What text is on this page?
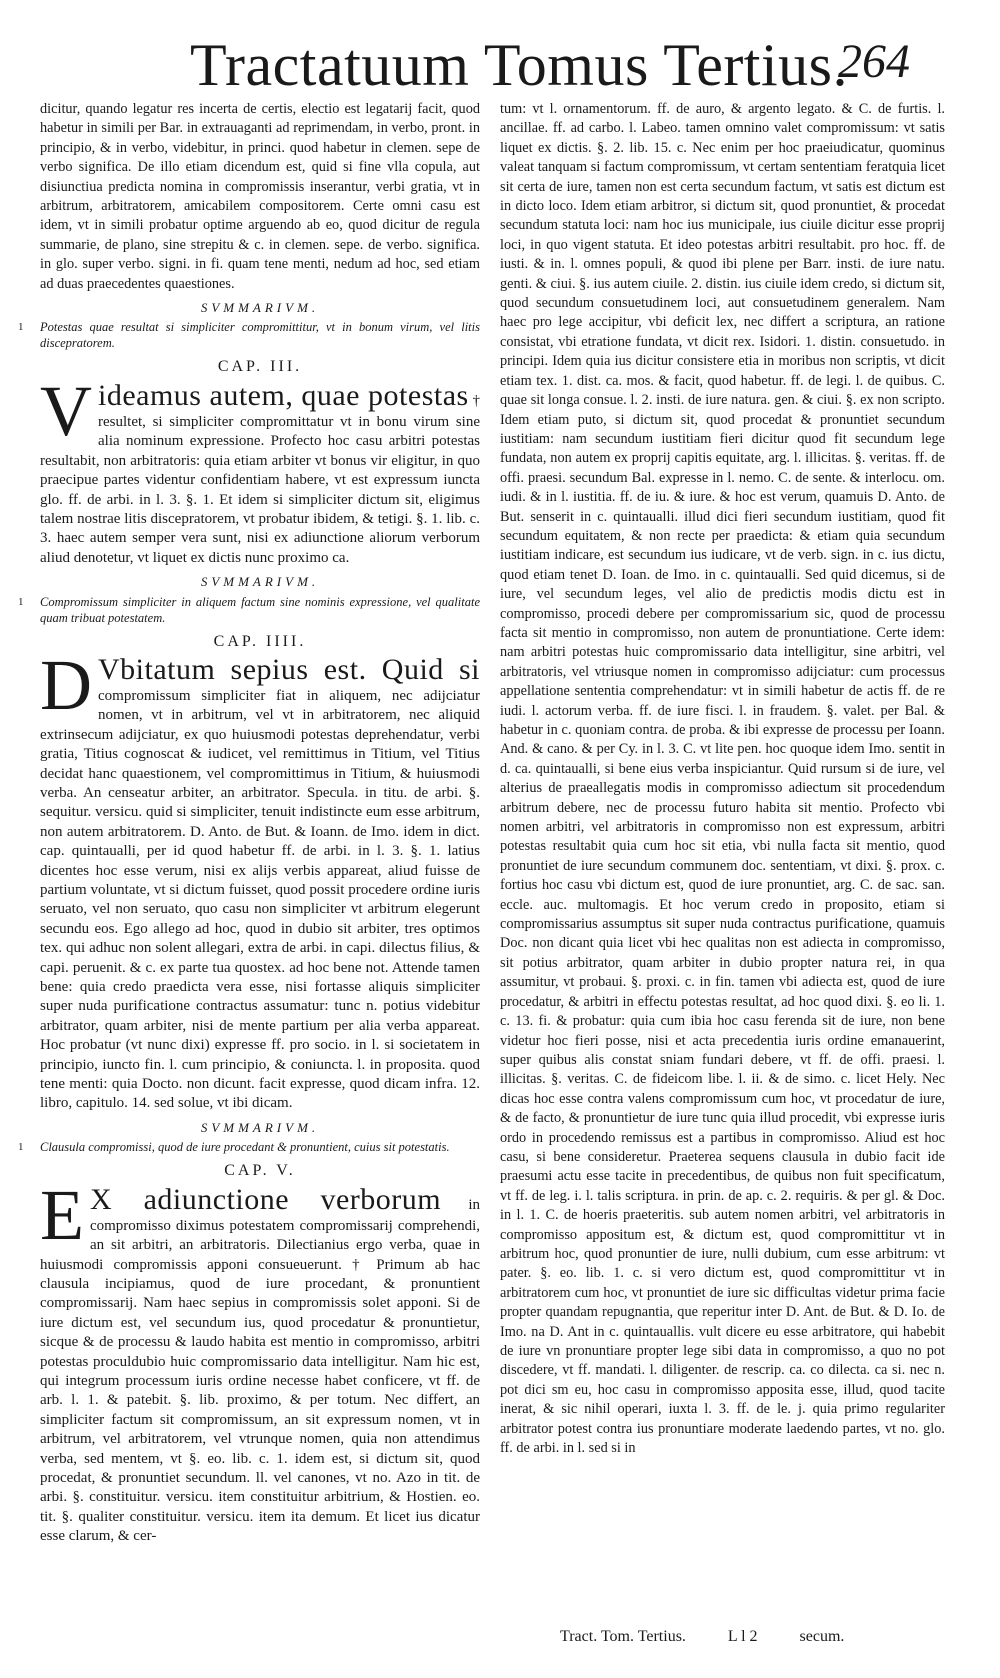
Tractatuum Tomus Tertius.
264

dicitur, quando legatur res incerta de certis, electio est legatarij facit, quod habetur in simili per Bar. in extrauaganti ad reprimendam, in verbo, pront. in principio, & in verbo, videbitur, in princi. quod habetur in clemen. sepe de verbo significa. De illo etiam dicendum est, quid si fine vlla copula, aut disiunctiua predicta nomina in compromissis inserantur, verbi gratia, vt in arbitrum, arbitratorem, amicabilem compositorem. Certe omni casu est idem, vt in simili probatur optime arguendo ab eo, quod dicitur de regula summarie, de plano, sine strepitu & c. in clemen. sepe. de verbo. significa. in glo. super verbo. signi. in fi. quam tene menti, nedum ad hoc, sed etiam ad duas praecedentes quaestiones.

SVMMARIVM.

1 Potestas quae resultat si simpliciter compromittitur, vt in bonum virum, vel litis discepratorem.

CAP. III.

V ideamus autem, quae potestas † resultet, si simpliciter compromittatur vt in bonu virum sine alia nominum expressione. Profecto hoc casu arbitri potestas resultabit, non arbitratoris: quia etiam arbiter vt bonus vir eligitur, in quo praecipue partes videntur confidentiam habere, vt est expressum iuncta glo. ff. de arbi. in l. 3. §. 1. Et idem si simpliciter dictum sit, eligimus talem nostrae litis discepratorem, vt probatur ibidem, & tetigi. §. 1. lib. c. 3. haec autem semper vera sunt, nisi ex adiunctione aliorum verborum aliud denotetur, vt liquet ex dictis nunc proximo ca.

SVMMARIVM.

1 Compromissum simpliciter in aliquem factum sine nominis expressione, vel qualitate quam tribuat potestatem.

CAP. IIII.

D Vbitatum sepius est. Quid si compromissum simpliciter fiat in aliquem, nec adijciatur nomen, vt in arbitrum, vel vt in arbitratorem, nec aliquid extrinsecum adijciatur, ex quo huiusmodi potestas deprehendatur, verbi gratia, Titius cognoscat & iudicet, vel remittimus in Titium, vel Titius decidat hanc quaestionem, vel compromittimus in Titium, & huiusmodi verba. An censeatur arbiter, an arbitrator. Specula. in titu. de arbi. §. sequitur. versicu. quid si simpliciter, tenuit indistincte eum esse arbitrum, non autem arbitratorem. D. Anto. de But. & Ioann. de Imo. idem in dict. cap. quintaualli, per id quod habetur ff. de arbi. in l. 3. §. 1. latius dicentes hoc esse verum, nisi ex alijs verbis appareat, aliud fuisse de partium voluntate, vt si dictum fuisset, quod possit procedere ordine iuris seruato, vel non seruato, quo casu non simpliciter vt arbitrum elegerunt secundu eos. Ego allego ad hoc, quod in dubio sit arbiter, tres optimos tex. qui adhuc non solent allegari, extra de arbi. in capi. dilectus filius, & capi. peruenit. & c. ex parte tua quostex. ad hoc bene not. Attende tamen bene: quia credo praedicta vera esse, nisi fortasse aliquis simpliciter super nuda purificatione contractus assumatur: tunc n. potius videbitur arbitrator, quam arbiter, nisi de mente partium per alia verba appareat. Hoc probatur (vt nunc dixi) expresse ff. pro socio. in l. si societatem in principio, iuncto fin. l. cum principio, & coniuncta. l. in proposita. quod tene menti: quia Docto. non dicunt. facit expresse, quod dicam infra. 12. libro, capitulo. 14. sed solue, vt ibi dicam.

SVMMARIVM.

1 Clausula compromissi, quod de iure procedant & pronuntient, cuius sit potestatis.

CAP. V.

E X adiunctione verborum in compromisso diximus potestatem compromissarij comprehendi, an sit arbitri, an arbitratoris. Dilectianius ergo verba, quae in huiusmodi compromissis apponi consueuerunt. † Primum ab hac clausula incipiamus, quod de iure procedant, & pronuntient compromissarij. Nam haec sepius in compromissis solet apponi. Si de iure dictum est, vel secundum ius, quod procedatur & pronuntietur, sicque & de processu & laudo habita est mentio in compromisso, arbitri potestas proculdubio huic compromissario data intelligitur. Nam hic est, qui integrum processum iuris ordine necesse habet conficere, vt ff. de arb. l. 1. & patebit. §. lib. proximo, & per totum. Nec differt, an simpliciter factum sit compromissum, an sit expressum nomen, vt in arbitrum, vel arbitratorem, vel vtrunque nomen, quia non attendimus verba, sed mentem, vt §. eo. lib. c. 1. idem est, si dictum sit, quod procedat, & pronuntiet secundum. ll. vel canones, vt no. Azo in tit. de arbi. §. constituitur. versicu. item constituitur arbitrium, & Hostien. eo. tit. §. qualiter constituitur. versicu. item ita demum. Et licet ius dicatur esse clarum, & cer-

tum: vt l. ornamentorum. ff. de auro, & argento legato. & C. de furtis. l. ancillae. ff. ad carbo. l. Labeo. tamen omnino valet compromissum: vt satis liquet ex dictis. §. 2. lib. 15. c. Nec enim per hoc praeiudicatur, quominus valeat tanquam si factum compromissum, vt certam sententiam feratquia licet sit certa de iure, tamen non est certa secundum factum, vt satis est dictum est in dicto loco. Idem etiam arbitror, si dictum sit, quod pronuntiet, & procedat secundum statuta loci: nam hoc ius municipale, ius ciuile dicitur esse proprij loci, in quo vigent statuta. Et ideo potestas arbitri resultabit. pro hoc. ff. de iusti. & in. l. omnes populi, & quod ibi plene per Barr. insti. de iure natu. genti. & ciui. §. ius autem ciuile. 2. distin. ius ciuile idem credo, si dictum sit, quod secundum consuetudinem loci, aut consuetudinem generalem. Nam haec pro lege accipitur, vbi deficit lex, nec differt a scriptura, an ratione consistat, vbi etratione fundata, vt dicit rex. Isidori. 1. distin. consuetudo. in principi. Idem quia ius dicitur consistere etia in moribus non scriptis, vt dicit etiam tex. 1. dist. ca. mos. & facit, quod habetur. ff. de legi. l. de quibus. C. quae sit longa consue. l. 2. insti. de iure natura. gen. & ciui. §. ex non scripto. Idem etiam puto, si dictum sit, quod procedat & pronuntiet secundum iustitiam: nam secundum iustitiam fieri dicitur quod fit secundum lege fundata, non autem ex proprij capitis equitate, arg. l. illicitas. §. veritas. ff. de offi. praesi. secundum Bal. expresse in l. nemo. C. de sente. & interlocu. om. iudi. & in l. iustitia. ff. de iu. & iure. & hoc est verum, quamuis D. Anto. de But. senserit in c. quintaualli. illud dici fieri secundum iustitiam, quod fit secundum equitatem, & non recte per praedicta: & etiam quia secundum iustitiam indicare, est secundum ius iudicare, vt de verb. sign. in c. ius dictu, quod etiam tenet D. Ioan. de Imo. in c. quintaualli. Sed quid dicemus, si de iure, vel secundum leges, vel alio de predictis modis dictu est in compromisso, procedi debere per compromissarium sic, quod de processu facta sit mentio in compromisso, non autem de pronuntiatione. Certe idem: nam arbitri potestas huic compromissario data intelligitur, sine arbitri, vel arbitratoris, vel vtriusque nomen in compromisso adijciatur: cum processus appellatione sententia comprehendatur: vt in simili habetur de actis ff. de re iudi. l. actorum verba. ff. de iure fisci. l. in fraudem. §. valet. per Bal. & habetur in c. quoniam contra. de proba. & ibi expresse de processu per Ioann. And. & cano. & per Cy. in l. 3. C. vt lite pen. hoc quoque idem Imo. sentit in d. ca. quintaualli, si bene eius verba inspiciantur. Quid rursum si de iure, vel alterius de praeallegatis modis in compromisso adiectum sit procedendum arbitrum debere, nec de processu futuro habita sit mentio. Profecto vbi nomen arbitri, vel arbitratoris in compromisso non est expressum, arbitri potestas resultabit quia cum hoc sit etia, vbi nulla facta sit mentio, quod pronuntiet de iure secundum communem doc. sententiam, vt dixi. §. prox. c. fortius hoc casu vbi dictum est, quod de iure pronuntiet, arg. C. de sac. san. eccle. auc. multomagis. Et hoc verum credo in proposito, etiam si compromissarius assumptus sit super nuda contractus purificatione, quamuis Doc. non dicant quia licet vbi hec qualitas non est adiecta in compromisso, sit potius arbitrator, quam arbiter in dubio propter natura rei, in qua assumitur, vt probaui. §. proxi. c. in fin. tamen vbi adiecta est, quod de iure procedatur, & arbitri in effectu potestas resultat, ad hoc quod dixi. §. eo li. 1. c. 13. fi. & probatur: quia cum ibia hoc casu ferenda sit de iure, non bene videtur hoc fieri posse, nisi et acta precedentia iuris ordine emanauerint, super quibus alis constat sniam fundari debere, vt ff. de offi. praesi. l. illicitas. §. veritas. C. de fideicom libe. l. ii. & de simo. c. licet Hely. Nec dicas hoc esse contra valens compromissum cum hoc, vt procedatur de iure, & de facto, & pronuntietur de iure tunc quia illud procedit, vbi expresse iuris ordo in procedendo remissus est a partibus in compromisso. Aliud est hoc casu, si bene consideretur. Praeterea sequens clausula in dubio facit ide praesumi actu esse tacite in precedentibus, de quibus non fuit specificatum, vt ff. de leg. i. l. talis scriptura. in prin. de ap. c. 2. requiris. & per gl. & Doc. in l. 1. C. de hoeris praeteritis. sub autem nomen arbitri, vel arbitratoris in compromisso appositum est, & dictum est, quod compromittitur vt in arbitrum hoc, quod pronuntier de iure, nulli dubium, cum esse arbitrum: vt pater. §. eo. lib. 1. c. si vero dictum est, quod compromittitur vt in arbitratorem cum hoc, vt pronuntiet de iure sic difficultas videtur prima facie propter quandam repugnantia, que reperitur inter D. Ant. de But. & D. Io. de Imo. na D. Ant in c. quintauallis. vult dicere eu esse arbitratore, qui habebit de iure vn pronuntiare propter lege sibi data in compromisso, a quo no pot discedere, vt ff. mandati. l. diligenter. de rescrip. ca. co dilecta. ca si. nec n. pot dici sm eu, hoc casu in compromisso apposita esse, illud, quod tacite inerat, & sic nihil operari, iuxta l. 3. ff. de le. j. quia primo regulariter arbitrator potest contra ius pronuntiare moderate laedendo partes, vt no. glo. ff. de arbi. in l. sed si in

Tract. Tom. Tertius.	L l 2	secum.
